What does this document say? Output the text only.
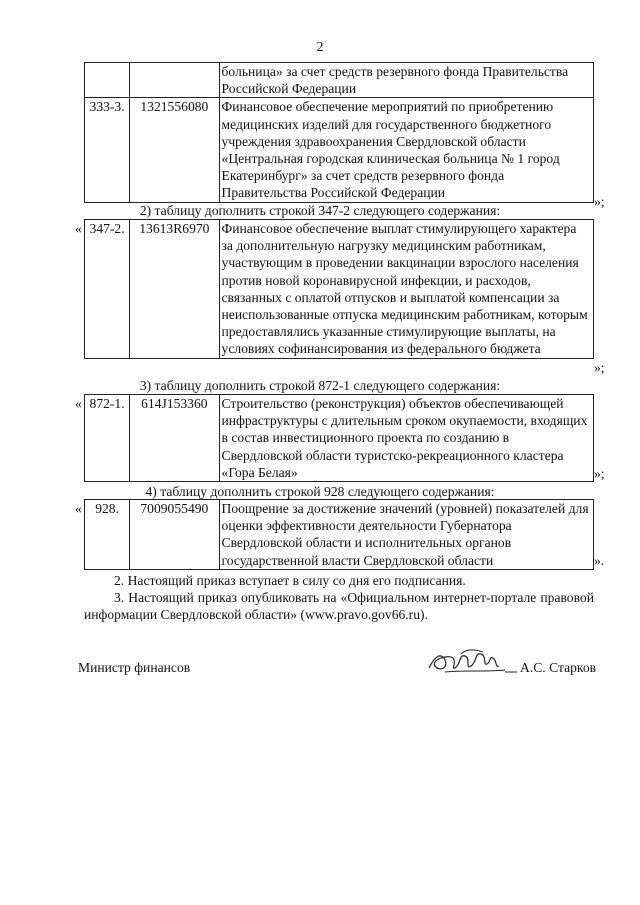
2
		больница» за счет средств резервного фонда Правительства Российской Федерации
333-3.	1321556080	Финансовое обеспечение мероприятий по приобретению медицинских изделий для государственного бюджетного учреждения здравоохранения Свердловской области «Центральная городская клиническая больница № 1 город Екатеринбург» за счет средств резервного фонда Правительства Российской Федерации
»;
2) таблицу дополнить строкой 347-2 следующего содержания:
« 347-2.	13613R6970	Финансовое обеспечение выплат стимулирующего характера за дополнительную нагрузку медицинским работникам, участвующим в проведении вакцинации взрослого населения против новой коронавирусной инфекции, и расходов, связанных с оплатой отпусков и выплатой компенсации за неиспользованные отпуска медицинским работникам, которым предоставлялись указанные стимулирующие выплаты, на условиях софинансирования из федерального бюджета
»;
3) таблицу дополнить строкой 872-1 следующего содержания:
« 872-1.	614J153360	Строительство (реконструкция) объектов обеспечивающей инфраструктуры с длительным сроком окупаемости, входящих в состав инвестиционного проекта по созданию в Свердловской области туристско-рекреационного кластера «Гора Белая»	»;
4) таблицу дополнить строкой 928 следующего содержания:
« 928.	7009055490	Поощрение за достижение значений (уровней) показателей для оценки эффективности деятельности Губернатора Свердловской области и исполнительных органов государственной власти Свердловской области	».
2. Настоящий приказ вступает в силу со дня его подписания.
3. Настоящий приказ опубликовать на «Официальном интернет-портале правовой информации Свердловской области» (www.pravo.gov66.ru).
Министр финансов	А.С. Старков
